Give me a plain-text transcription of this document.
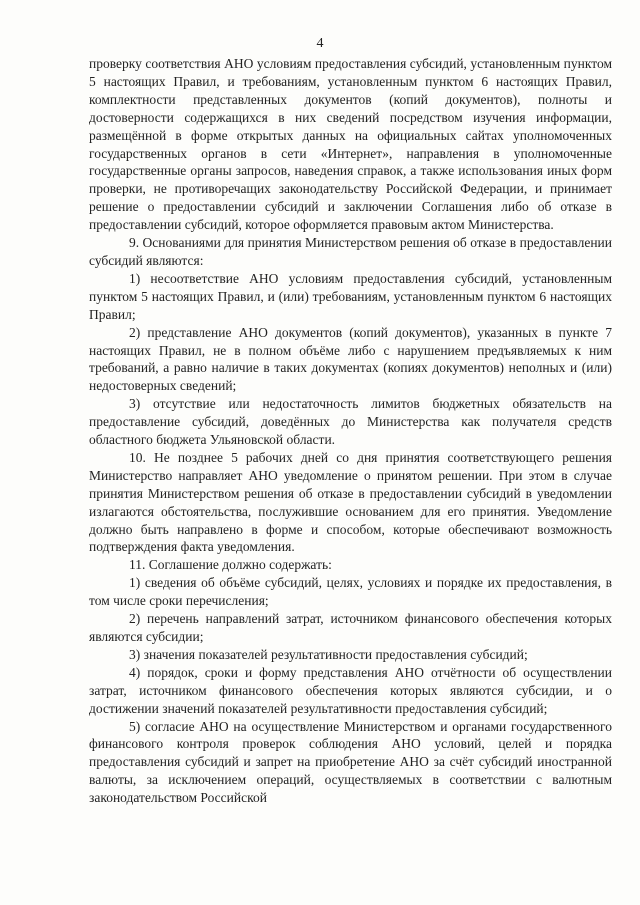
4

проверку соответствия АНО условиям предоставления субсидий, установленным пунктом 5 настоящих Правил, и требованиям, установленным пунктом 6 настоящих Правил, комплектности представленных документов (копий документов), полноты и достоверности содержащихся в них сведений посредством изучения информации, размещённой в форме открытых данных на официальных сайтах уполномоченных государственных органов в сети «Интернет», направления в уполномоченные государственные органы запросов, наведения справок, а также использования иных форм проверки, не противоречащих законодательству Российской Федерации, и принимает решение о предоставлении субсидий и заключении Соглашения либо об отказе в предоставлении субсидий, которое оформляется правовым актом Министерства.

9. Основаниями для принятия Министерством решения об отказе в предоставлении субсидий являются:

1) несоответствие АНО условиям предоставления субсидий, установленным пунктом 5 настоящих Правил, и (или) требованиям, установленным пунктом 6 настоящих Правил;

2) представление АНО документов (копий документов), указанных в пункте 7 настоящих Правил, не в полном объёме либо с нарушением предъявляемых к ним требований, а равно наличие в таких документах (копиях документов) неполных и (или) недостоверных сведений;

3) отсутствие или недостаточность лимитов бюджетных обязательств на предоставление субсидий, доведённых до Министерства как получателя средств областного бюджета Ульяновской области.

10. Не позднее 5 рабочих дней со дня принятия соответствующего решения Министерство направляет АНО уведомление о принятом решении. При этом в случае принятия Министерством решения об отказе в предоставлении субсидий в уведомлении излагаются обстоятельства, послужившие основанием для его принятия. Уведомление должно быть направлено в форме и способом, которые обеспечивают возможность подтверждения факта уведомления.

11. Соглашение должно содержать:

1) сведения об объёме субсидий, целях, условиях и порядке их предоставления, в том числе сроки перечисления;

2) перечень направлений затрат, источником финансового обеспечения которых являются субсидии;

3) значения показателей результативности предоставления субсидий;

4) порядок, сроки и форму представления АНО отчётности об осуществлении затрат, источником финансового обеспечения которых являются субсидии, и о достижении значений показателей результативности предоставления субсидий;

5) согласие АНО на осуществление Министерством и органами государственного финансового контроля проверок соблюдения АНО условий, целей и порядка предоставления субсидий и запрет на приобретение АНО за счёт субсидий иностранной валюты, за исключением операций, осуществляемых в соответствии с валютным законодательством Российской
